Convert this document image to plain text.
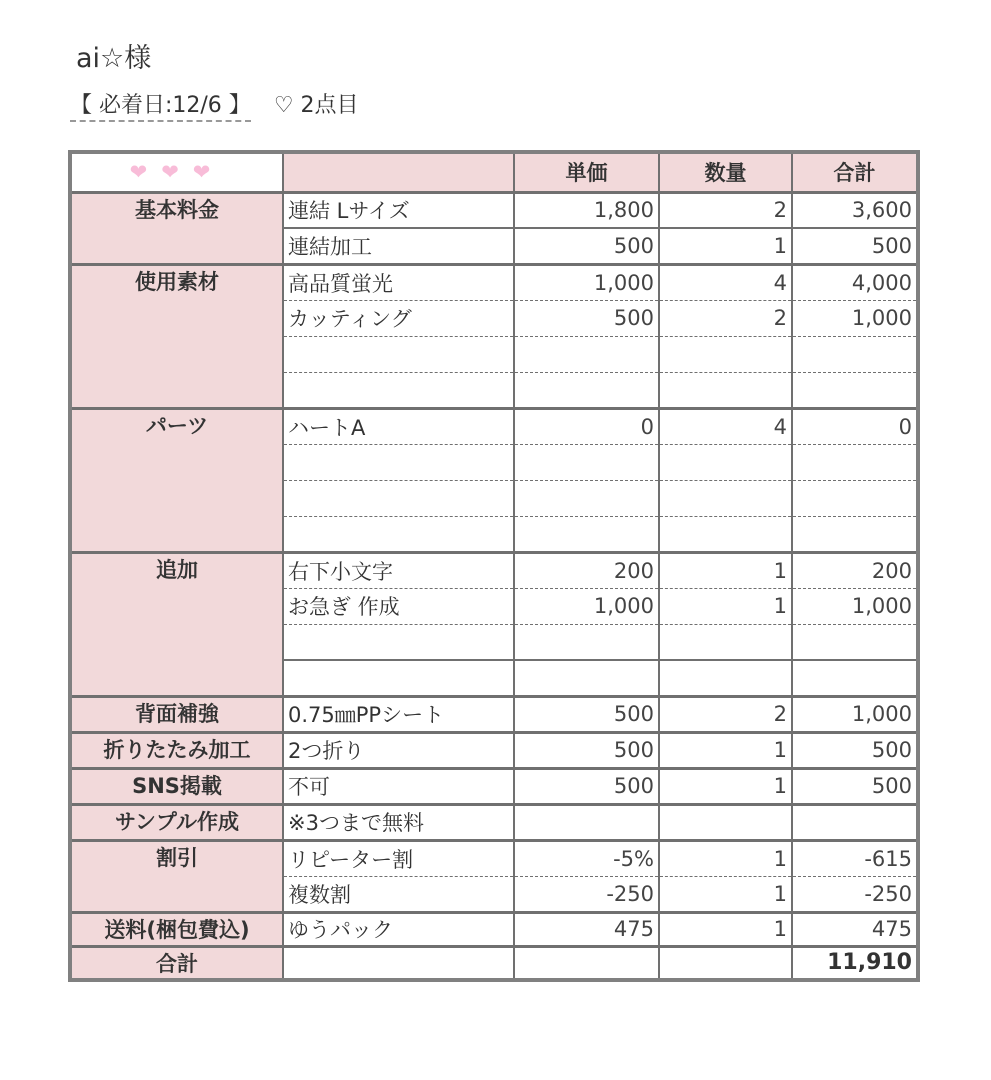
ai☆様
【 必着日:12/6 】 ♡ 2点目
❤❤❤		単価	数量	合計
基本料金	連結 Lサイズ	1,800	2	3,600
	連結加工	500	1	500
使用素材	高品質蛍光	1,000	4	4,000
	カッティング	500	2	1,000

パーツ	ハートA	0	4	0

追加	右下小文字	200	1	200
	お急ぎ 作成	1,000	1	1,000

背面補強	0.75㎜PPシート	500	2	1,000
折りたたみ加工	2つ折り	500	1	500
SNS掲載	不可	500	1	500
サンプル作成	※3つまで無料			
割引	リピーター割	-5%	1	-615
	複数割	-250	1	-250
送料(梱包費込)	ゆうパック	475	1	475
合計				11,910
